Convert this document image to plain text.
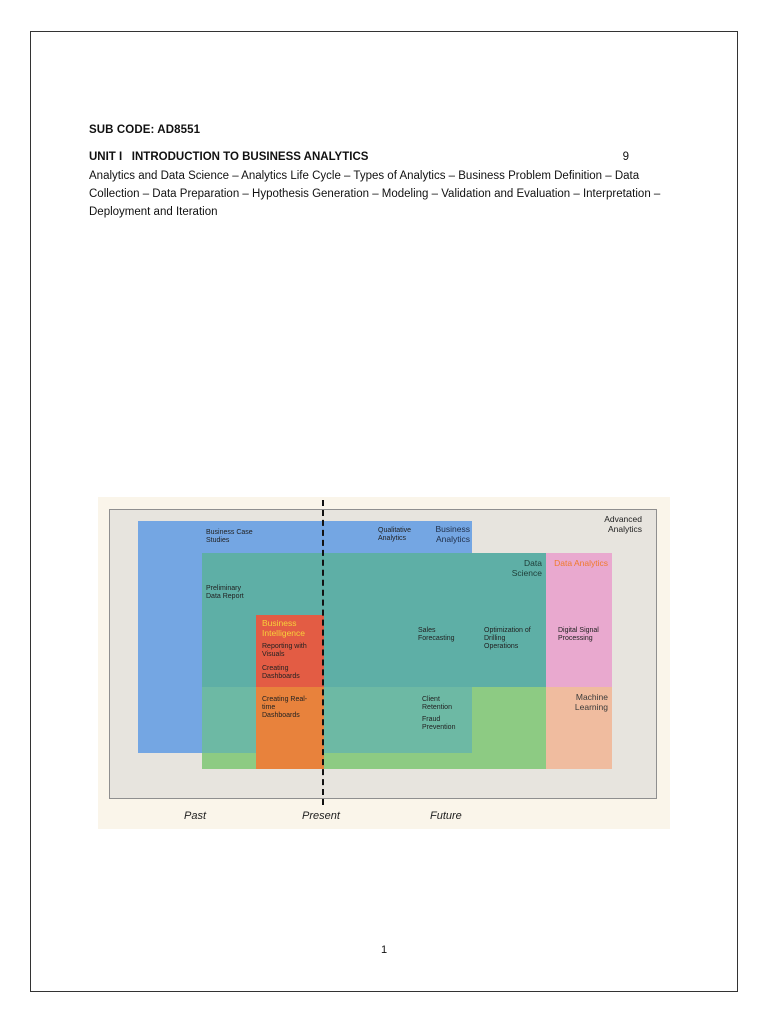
SUB CODE: AD8551

UNIT I   INTRODUCTION TO BUSINESS ANALYTICS	9
Analytics and Data Science – Analytics Life Cycle – Types of Analytics – Business Problem Definition – Data Collection – Data Preparation – Hypothesis Generation – Modeling – Validation and Evaluation – Interpretation – Deployment and Iteration
Advanced Analytics
Business Analytics
Data Science
Data Analytics
Business Intelligence
Machine Learning
Business Case Studies
Qualitative Analytics
Preliminary Data Report
Reporting with Visuals
Creating Dashboards
Creating Real-time Dashboards
Sales Forecasting
Optimization of Drilling Operations
Digital Signal Processing
Client Retention
Fraud Prevention
Past	Present	Future
1
